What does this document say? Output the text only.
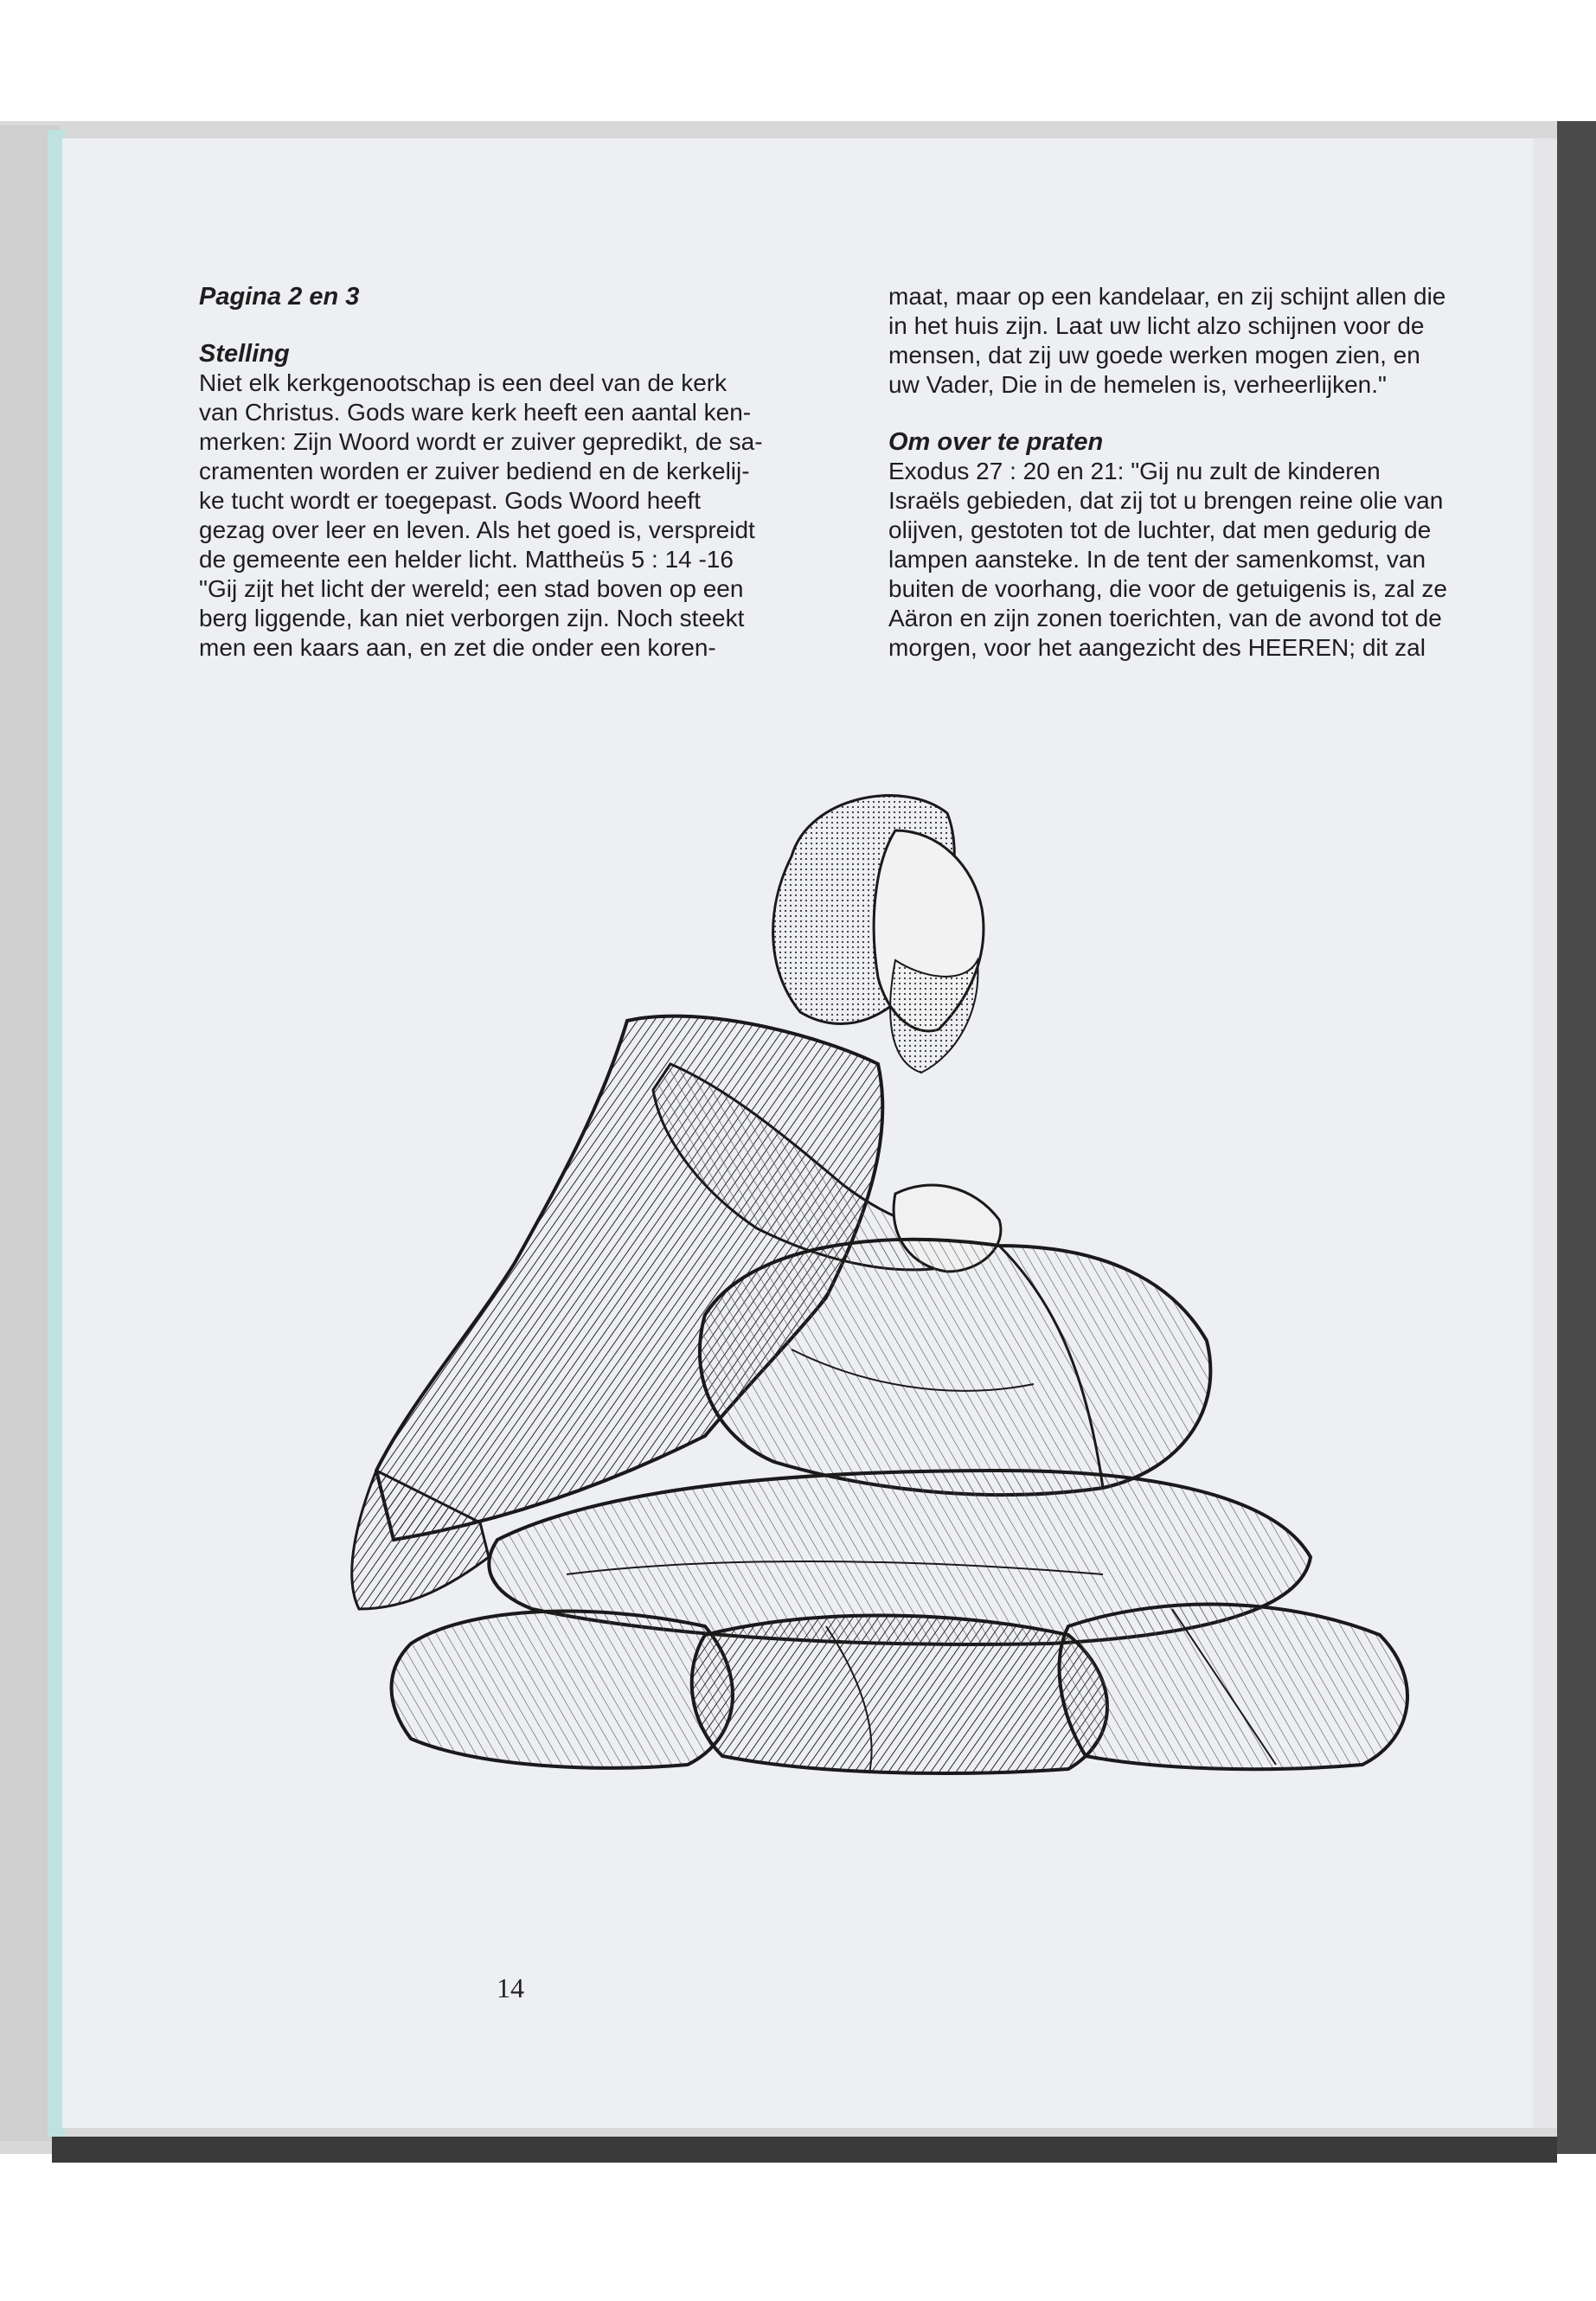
Pagina 2 en 3

Stelling

Niet elk kerkgenootschap is een deel van de kerk
van Christus. Gods ware kerk heeft een aantal ken-
merken: Zijn Woord wordt er zuiver gepredikt, de sa-
cramenten worden er zuiver bediend en de kerkelij-
ke tucht wordt er toegepast. Gods Woord heeft
gezag over leer en leven. Als het goed is, verspreidt
de gemeente een helder licht. Mattheüs 5 : 14 -16
"Gij zijt het licht der wereld; een stad boven op een
berg liggende, kan niet verborgen zijn. Noch steekt
men een kaars aan, en zet die onder een koren-

maat, maar op een kandelaar, en zij schijnt allen die
in het huis zijn. Laat uw licht alzo schijnen voor de
mensen, dat zij uw goede werken mogen zien, en
uw Vader, Die in de hemelen is, verheerlijken."

Om over te praten

Exodus 27 : 20 en 21: "Gij nu zult de kinderen
Israëls gebieden, dat zij tot u brengen reine olie van
olijven, gestoten tot de luchter, dat men gedurig de
lampen aansteke. In de tent der samenkomst, van
buiten de voorhang, die voor de getuigenis is, zal ze
Aäron en zijn zonen toerichten, van de avond tot de
morgen, voor het aangezicht des HEEREN; dit zal

14
